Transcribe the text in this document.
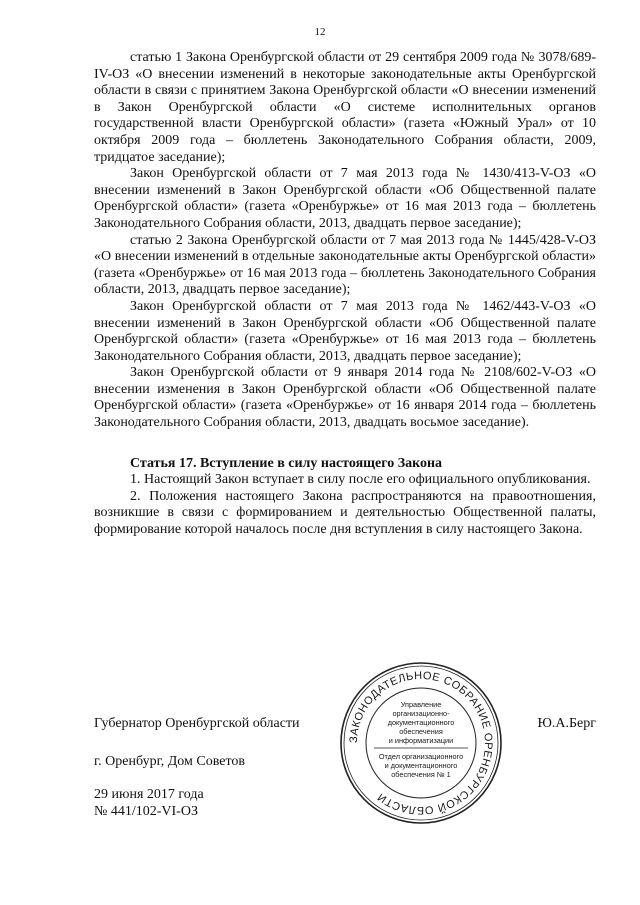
12

статью 1 Закона Оренбургской области от 29 сентября 2009 года № 3078/689-IV-ОЗ «О внесении изменений в некоторые законодательные акты Оренбургской области в связи с принятием Закона Оренбургской области «О внесении изменений в Закон Оренбургской области «О системе исполнительных органов государственной власти Оренбургской области» (газета «Южный Урал» от 10 октября 2009 года – бюллетень Законодательного Собрания области, 2009, тридцатое заседание);

Закон Оренбургской области от 7 мая 2013 года № 1430/413-V-ОЗ «О внесении изменений в Закон Оренбургской области «Об Общественной палате Оренбургской области» (газета «Оренбуржье» от 16 мая 2013 года – бюллетень Законодательного Собрания области, 2013, двадцать первое заседание);

статью 2 Закона Оренбургской области от 7 мая 2013 года № 1445/428-V-ОЗ «О внесении изменений в отдельные законодательные акты Оренбургской области» (газета «Оренбуржье» от 16 мая 2013 года – бюллетень Законодательного Собрания области, 2013, двадцать первое заседание);

Закон Оренбургской области от 7 мая 2013 года № 1462/443-V-ОЗ «О внесении изменений в Закон Оренбургской области «Об Общественной палате Оренбургской области» (газета «Оренбуржье» от 16 мая 2013 года – бюллетень Законодательного Собрания области, 2013, двадцать первое заседание);

Закон Оренбургской области от 9 января 2014 года № 2108/602-V-ОЗ «О внесении изменения в Закон Оренбургской области «Об Общественной палате Оренбургской области» (газета «Оренбуржье» от 16 января 2014 года – бюллетень Законодательного Собрания области, 2013, двадцать восьмое заседание).

Статья 17. Вступление в силу настоящего Закона

1. Настоящий Закон вступает в силу после его официального опубликования.

2. Положения настоящего Закона распространяются на правоотношения, возникшие в связи с формированием и деятельностью Общественной палаты, формирование которой началось после дня вступления в силу настоящего Закона.

Губернатор Оренбургской области	Ю.А.Берг
г. Оренбург, Дом Советов
29 июня 2017 года
№ 441/102-VI-ОЗ
ЗАКОНОДАТЕЛЬНОЕ СОБРАНИЕ ОРЕНБУРГСКОЙ ОБЛАСТИ
Управление
организационно-
документационного
обеспечения
и информатизации
Отдел организационного
и документационного
обеспечения № 1
